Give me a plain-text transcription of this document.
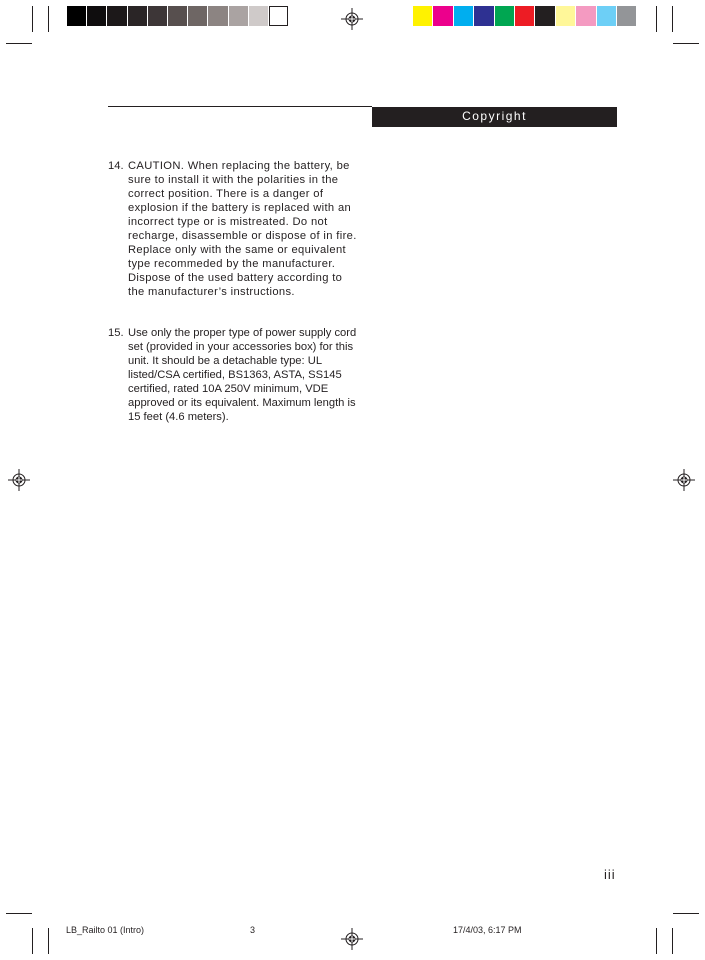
Copyright
14. CAUTION. When replacing the battery, be sure to install it with the polarities in the correct position. There is a danger of explosion if the battery is replaced with an incorrect type or is mistreated. Do not recharge, disassemble or dispose of in fire. Replace only with the same or equivalent type recommeded by the manufacturer. Dispose of the used battery according to the manufacturer’s instructions.
15. Use only the proper type of power supply cord set (provided in your accessories box) for this unit. It should be a detachable type: UL listed/CSA certified, BS1363, ASTA, SS145 certified, rated 10A 250V minimum, VDE approved or its equivalent. Maximum length is 15 feet (4.6 meters).
iii
LB_Railto 01 (Intro)	3	17/4/03, 6:17 PM
